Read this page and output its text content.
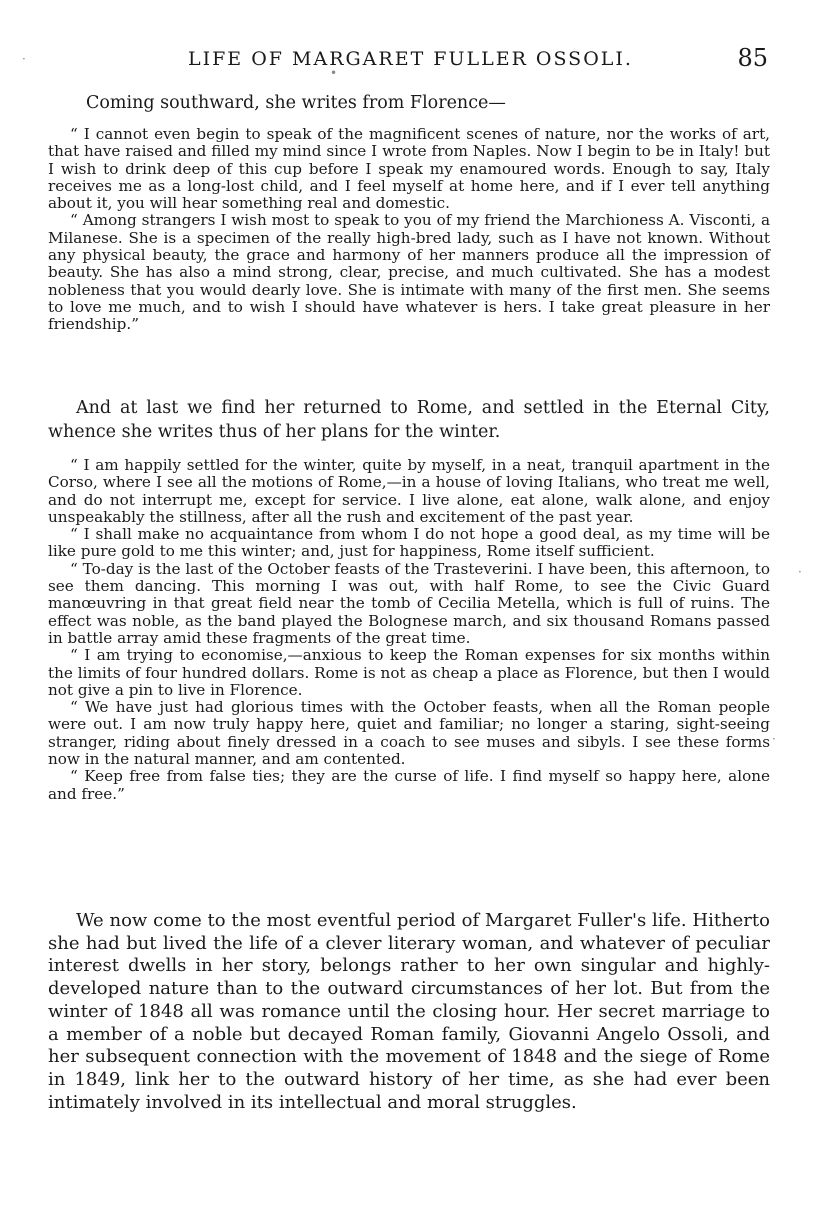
LIFE OF MARGARET FULLER OSSOLI.	85

Coming southward, she writes from Florence—

“ I cannot even begin to speak of the magnificent scenes of nature, nor the works of art, that have raised and filled my mind since I wrote from Naples. Now I begin to be in Italy! but I wish to drink deep of this cup before I speak my enamoured words. Enough to say, Italy receives me as a long-lost child, and I feel myself at home here, and if I ever tell anything about it, you will hear something real and domestic.

“ Among strangers I wish most to speak to you of my friend the Marchioness A. Visconti, a Milanese. She is a specimen of the really high-bred lady, such as I have not known. Without any physical beauty, the grace and harmony of her manners produce all the impression of beauty. She has also a mind strong, clear, precise, and much cultivated. She has a modest nobleness that you would dearly love. She is intimate with many of the first men. She seems to love me much, and to wish I should have whatever is hers. I take great pleasure in her friendship.”

And at last we find her returned to Rome, and settled in the Eternal City, whence she writes thus of her plans for the winter.

“ I am happily settled for the winter, quite by myself, in a neat, tranquil apartment in the Corso, where I see all the motions of Rome,—in a house of loving Italians, who treat me well, and do not interrupt me, except for service. I live alone, eat alone, walk alone, and enjoy unspeakably the stillness, after all the rush and excitement of the past year.

“ I shall make no acquaintance from whom I do not hope a good deal, as my time will be like pure gold to me this winter; and, just for happiness, Rome itself sufficient.

“ To-day is the last of the October feasts of the Trasteverini. I have been, this afternoon, to see them dancing. This morning I was out, with half Rome, to see the Civic Guard manœuvring in that great field near the tomb of Cecilia Metella, which is full of ruins. The effect was noble, as the band played the Bolognese march, and six thousand Romans passed in battle array amid these fragments of the great time.

“ I am trying to economise,—anxious to keep the Roman expenses for six months within the limits of four hundred dollars. Rome is not as cheap a place as Florence, but then I would not give a pin to live in Florence.

“ We have just had glorious times with the October feasts, when all the Roman people were out. I am now truly happy here, quiet and familiar; no longer a staring, sight-seeing stranger, riding about finely dressed in a coach to see muses and sibyls. I see these forms now in the natural manner, and am contented.

“ Keep free from false ties; they are the curse of life. I find myself so happy here, alone and free.”

We now come to the most eventful period of Margaret Fuller's life. Hitherto she had but lived the life of a clever literary woman, and whatever of peculiar interest dwells in her story, belongs rather to her own singular and highly-developed nature than to the outward circumstances of her lot. But from the winter of 1848 all was romance until the closing hour. Her secret marriage to a member of a noble but decayed Roman family, Giovanni Angelo Ossoli, and her subsequent connection with the movement of 1848 and the siege of Rome in 1849, link her to the outward history of her time, as she had ever been intimately involved in its intellectual and moral struggles.

·
•
·
·
